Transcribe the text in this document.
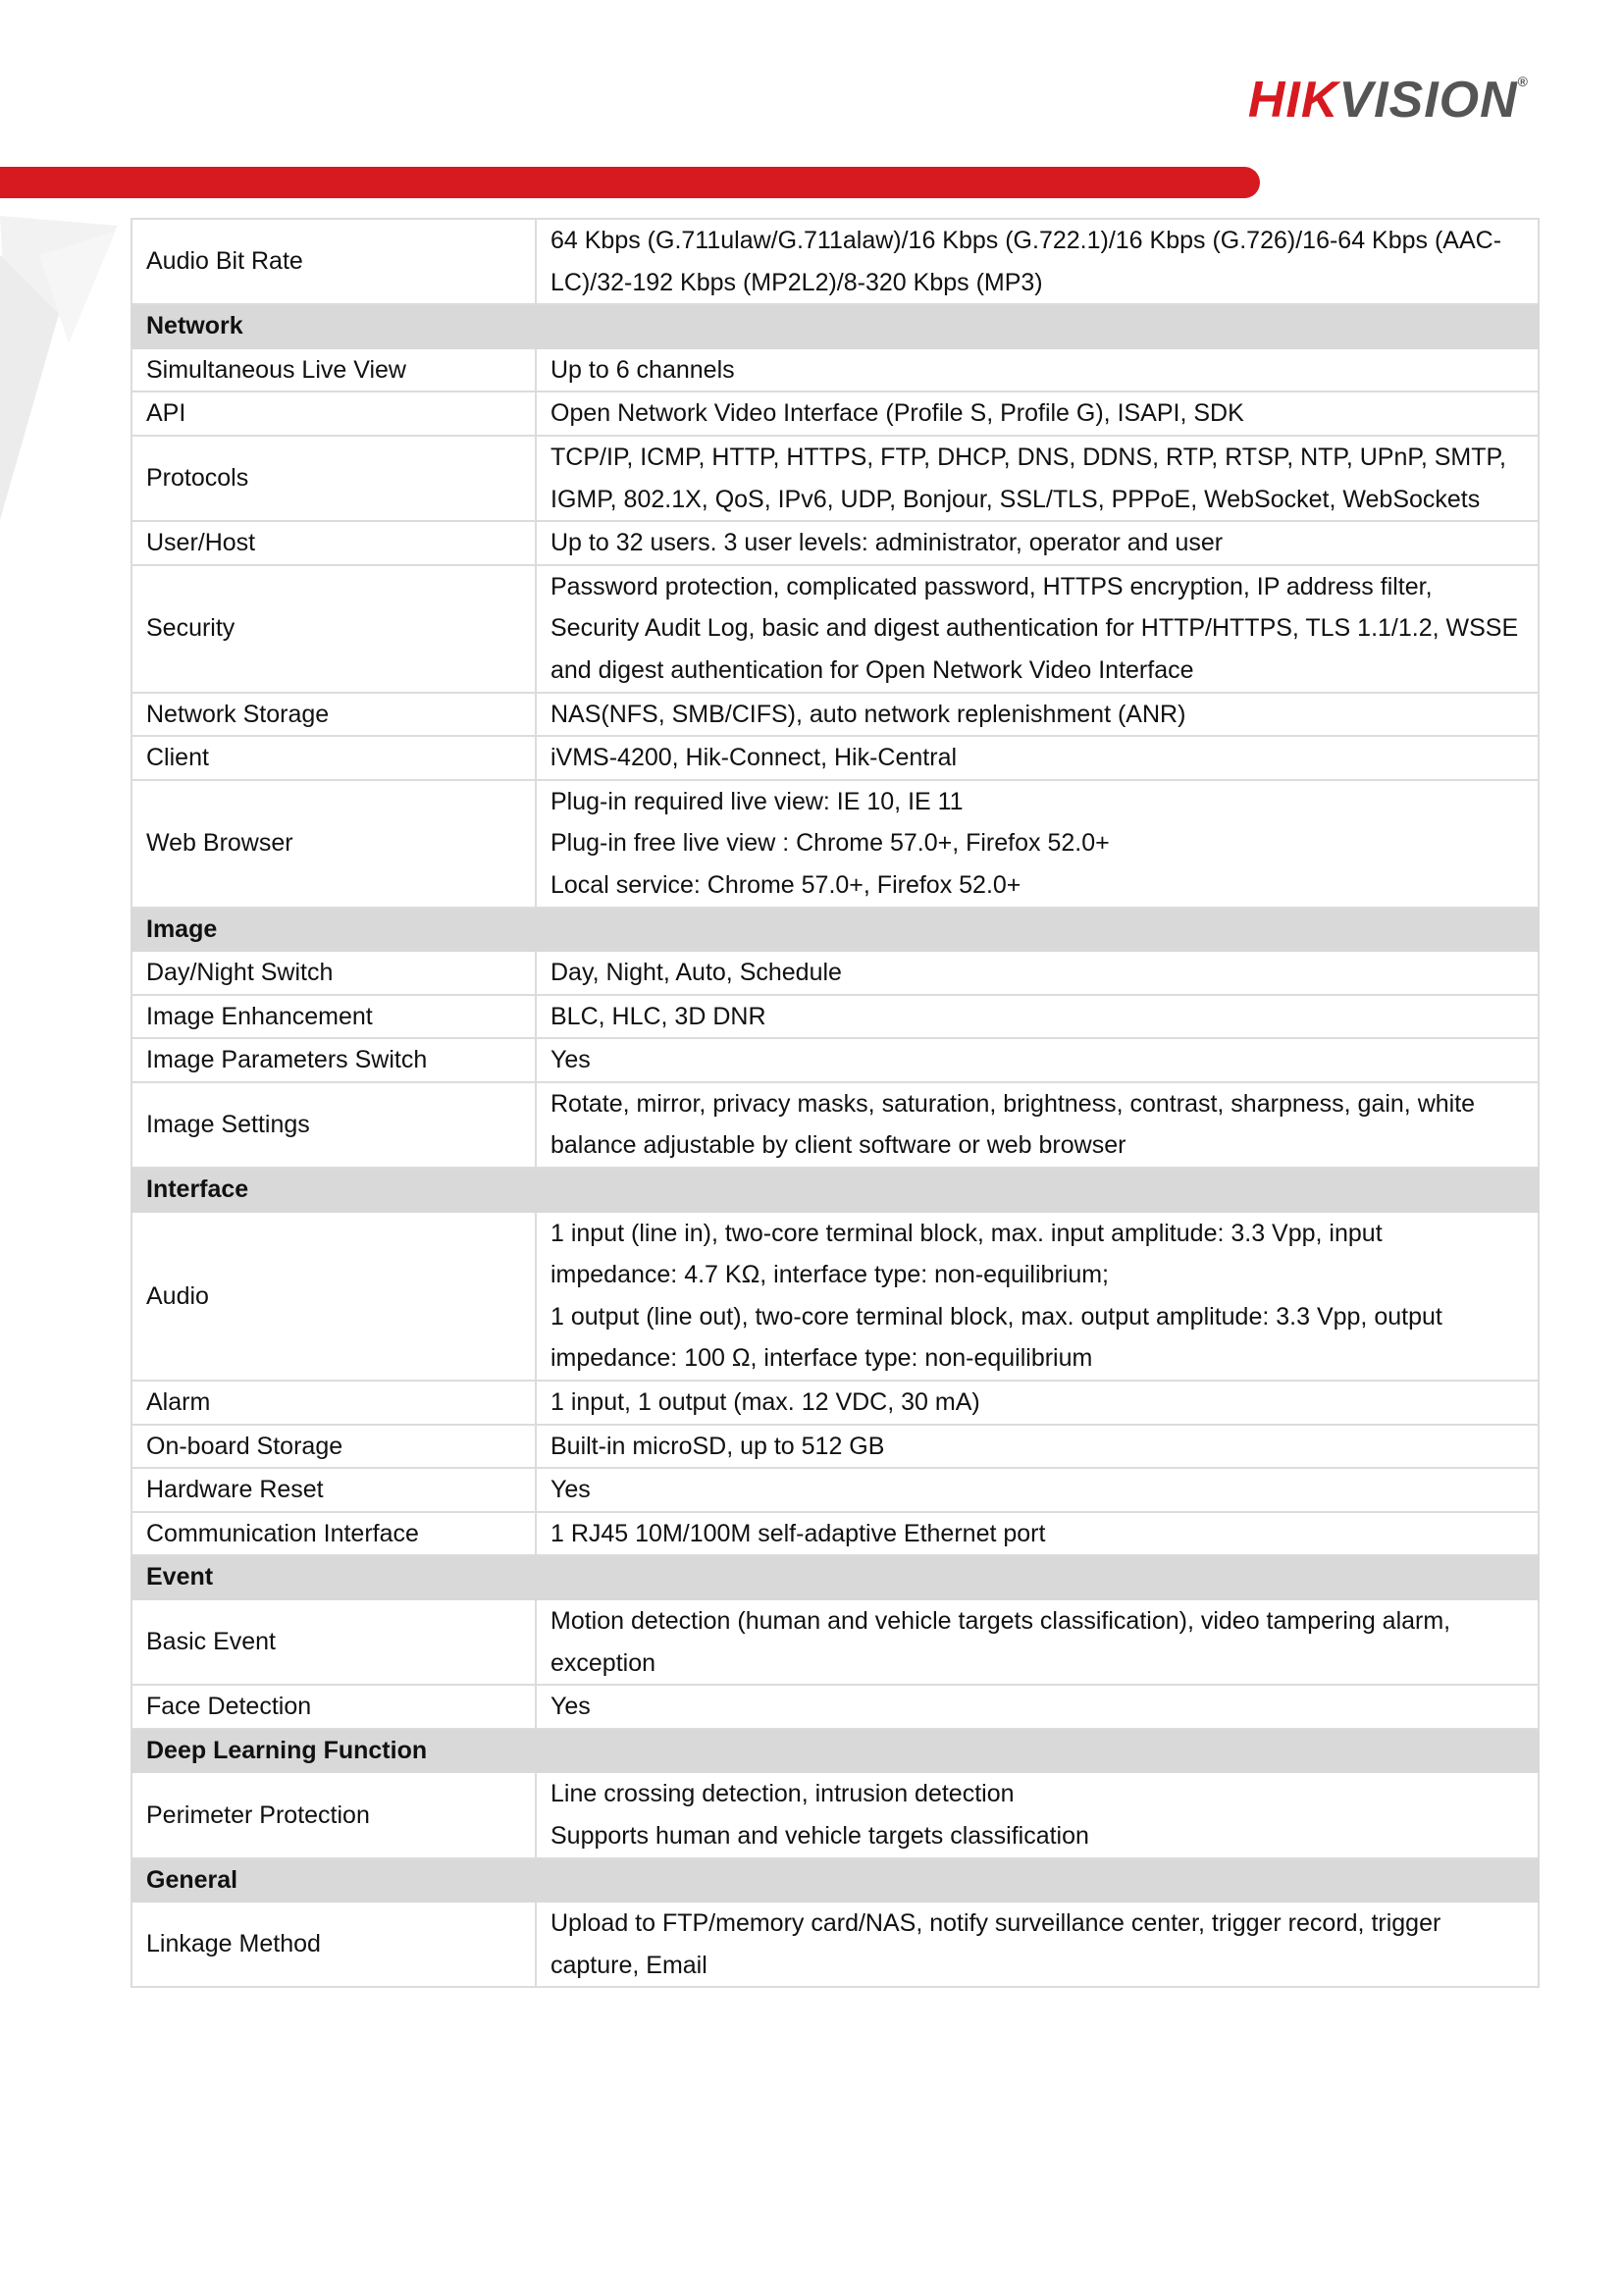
HIKVISION®
Audio Bit Rate	64 Kbps (G.711ulaw/G.711alaw)/16 Kbps (G.722.1)/16 Kbps (G.726)/16-64 Kbps (AAC-
LC)/32-192 Kbps (MP2L2)/8-320 Kbps (MP3)

Network	
Simultaneous Live View	Up to 6 channels

API	Open Network Video Interface (Profile S, Profile G), ISAPI, SDK

Protocols	TCP/IP, ICMP, HTTP, HTTPS, FTP, DHCP, DNS, DDNS, RTP, RTSP, NTP, UPnP, SMTP,
IGMP, 802.1X, QoS, IPv6, UDP, Bonjour, SSL/TLS, PPPoE, WebSocket, WebSockets

User/Host	Up to 32 users. 3 user levels: administrator, operator and user

Security	Password protection, complicated password, HTTPS encryption, IP address filter,
Security Audit Log, basic and digest authentication for HTTP/HTTPS, TLS 1.1/1.2, WSSE
and digest authentication for Open Network Video Interface

Network Storage	NAS(NFS, SMB/CIFS), auto network replenishment (ANR)

Client	iVMS-4200, Hik-Connect, Hik-Central

Web Browser	Plug-in required live view: IE 10, IE 11
Plug-in free live view : Chrome 57.0+, Firefox 52.0+
Local service: Chrome 57.0+, Firefox 52.0+

Image	
Day/Night Switch	Day, Night, Auto, Schedule

Image Enhancement	BLC, HLC, 3D DNR

Image Parameters Switch	Yes

Image Settings	Rotate, mirror, privacy masks, saturation, brightness, contrast, sharpness, gain, white
balance adjustable by client software or web browser

Interface	
Audio	1 input (line in), two-core terminal block, max. input amplitude: 3.3 Vpp, input
impedance: 4.7 KΩ, interface type: non-equilibrium;
1 output (line out), two-core terminal block, max. output amplitude: 3.3 Vpp, output
impedance: 100 Ω, interface type: non-equilibrium

Alarm	1 input, 1 output (max. 12 VDC, 30 mA)

On-board Storage	Built-in microSD, up to 512 GB

Hardware Reset	Yes

Communication Interface	1 RJ45 10M/100M self-adaptive Ethernet port

Event	
Basic Event	Motion detection (human and vehicle targets classification), video tampering alarm,
exception

Face Detection	Yes

Deep Learning Function	
Perimeter Protection	Line crossing detection, intrusion detection
Supports human and vehicle targets classification

General	
Linkage Method	Upload to FTP/memory card/NAS, notify surveillance center, trigger record, trigger
capture, Email
